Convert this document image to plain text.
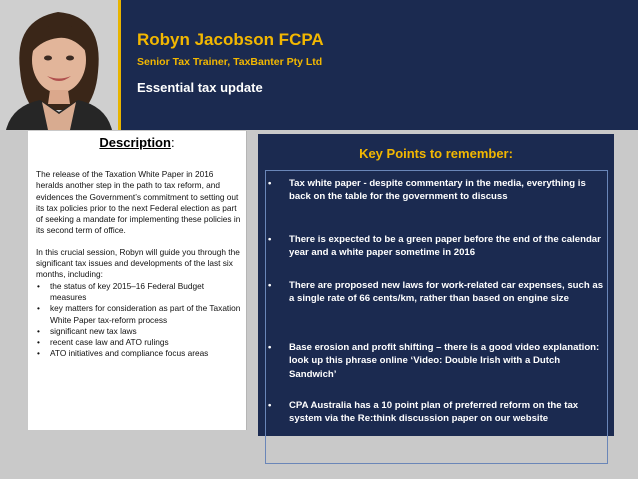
Robyn Jacobson FCPA
Senior Tax Trainer, TaxBanter Pty Ltd
Essential tax update
Description:

The release of the Taxation White Paper in 2016 heralds another step in the path to tax reform, and evidences the Government’s commitment to setting out its tax policies prior to the next Federal election as part of seeking a mandate for implementing these policies in its second term of office.

In this crucial session, Robyn will guide you through the significant tax issues and developments of the last six months, including:

• the status of key 2015–16 Federal Budget measures
• key matters for consideration as part of the Taxation White Paper tax-reform process
• significant new tax laws
• recent case law and ATO rulings
• ATO initiatives and compliance focus areas
Key Points to remember:
• Tax white paper - despite commentary in the media, everything is back on the table for the government to discuss
• There is expected to be a green paper before the end of the calendar year and a white paper sometime in 2016
• There are proposed new laws for work-related car expenses, such as a single rate of 66 cents/km, rather than based on engine size
• Base erosion and profit shifting – there is a good video explanation: look up this phrase online ‘Video: Double Irish with a Dutch Sandwich’
• CPA Australia has a 10 point plan of preferred reform on the tax system via the Re:think discussion paper on our website
